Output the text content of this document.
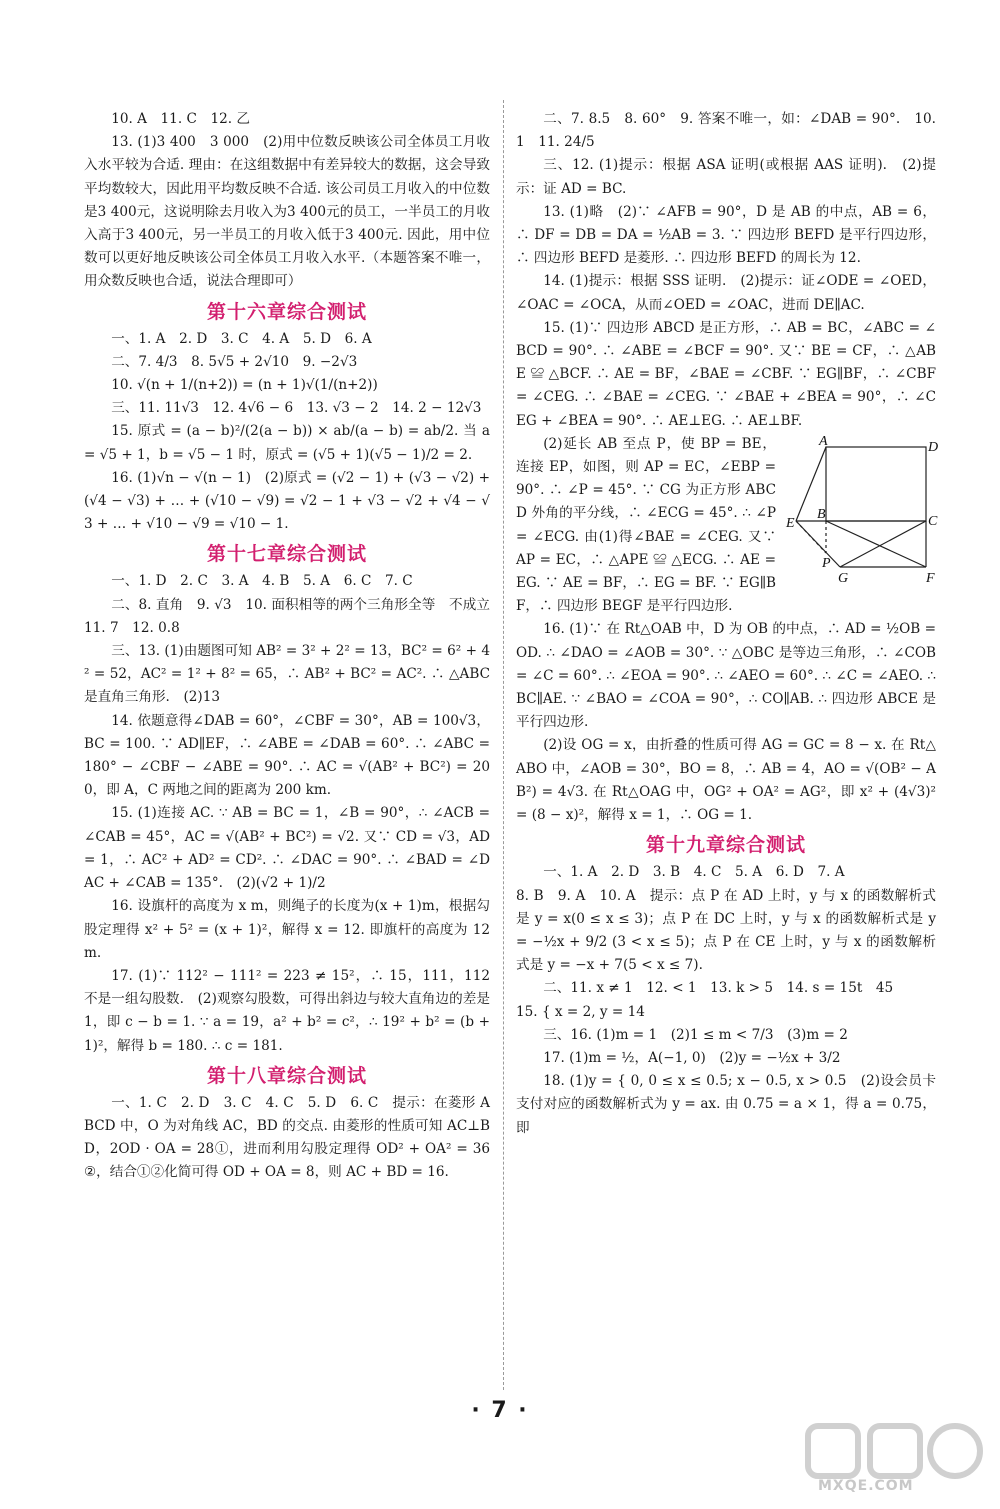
10. A　11. C　12. 乙

13. (1)3 400　3 000　(2)用中位数反映该公司全体员工月收入水平较为合适. 理由：在这组数据中有差异较大的数据，这会导致平均数较大，因此用平均数反映不合适. 该公司员工月收入的中位数是3 400元，这说明除去月收入为3 400元的员工，一半员工的月收入高于3 400元，另一半员工的月收入低于3 400元. 因此，用中位数可以更好地反映该公司全体员工月收入水平.（本题答案不唯一，用众数反映也合适，说法合理即可）

第十六章综合测试

一、1. A　2. D　3. C　4. A　5. D　6. A

二、7. 4/3　8. 5√5 + 2√10　9. −2√3

10. √(n + 1/(n+2)) = (n + 1)√(1/(n+2))

三、11. 11√3　12. 4√6 − 6　13. √3 − 2　14. 2 − 12√3

15. 原式 = (a − b)²/(2(a − b)) × ab/(a − b) = ab/2. 当 a = √5 + 1，b = √5 − 1 时，原式 = (√5 + 1)(√5 − 1)/2 = 2.

16. (1)√n − √(n − 1)　(2)原式 = (√2 − 1) + (√3 − √2) + (√4 − √3) + … + (√10 − √9) = √2 − 1 + √3 − √2 + √4 − √3 + … + √10 − √9 = √10 − 1.

第十七章综合测试

一、1. D　2. C　3. A　4. B　5. A　6. C　7. C

二、8. 直角　9. √3　10. 面积相等的两个三角形全等　不成立　11. 7　12. 0.8

三、13. (1)由题图可知 AB² = 3² + 2² = 13，BC² = 6² + 4² = 52，AC² = 1² + 8² = 65，∴ AB² + BC² = AC². ∴ △ABC 是直角三角形.　(2)13

14. 依题意得∠DAB = 60°，∠CBF = 30°，AB = 100√3，BC = 100. ∵ AD∥EF，∴ ∠ABE = ∠DAB = 60°. ∴ ∠ABC = 180° − ∠CBF − ∠ABE = 90°. ∴ AC = √(AB² + BC²) = 200，即 A，C 两地之间的距离为 200 km.

15. (1)连接 AC. ∵ AB = BC = 1，∠B = 90°，∴ ∠ACB = ∠CAB = 45°，AC = √(AB² + BC²) = √2. 又∵ CD = √3，AD = 1，∴ AC² + AD² = CD². ∴ ∠DAC = 90°. ∴ ∠BAD = ∠DAC + ∠CAB = 135°.　(2)(√2 + 1)/2

16. 设旗杆的高度为 x m，则绳子的长度为(x + 1)m，根据勾股定理得 x² + 5² = (x + 1)²，解得 x = 12. 即旗杆的高度为 12 m.

17. (1)∵ 112² − 111² = 223 ≠ 15²，∴ 15，111，112 不是一组勾股数.　(2)观察勾股数，可得出斜边与较大直角边的差是 1，即 c − b = 1. ∵ a = 19，a² + b² = c²，∴ 19² + b² = (b + 1)²，解得 b = 180. ∴ c = 181.

第十八章综合测试

一、1. C　2. D　3. C　4. C　5. D　6. C　提示：在菱形 ABCD 中，O 为对角线 AC，BD 的交点. 由菱形的性质可知 AC⊥BD，2OD · OA = 28①，进而利用勾股定理得 OD² + OA² = 36②，结合①②化简可得 OD + OA = 8，则 AC + BD = 16.

二、7. 8.5　8. 60°　9. 答案不唯一，如：∠DAB = 90°.　10. 1　11. 24/5

三、12. (1)提示：根据 ASA 证明(或根据 AAS 证明).　(2)提示：证 AD = BC.

13. (1)略　(2)∵ ∠AFB = 90°，D 是 AB 的中点，AB = 6，∴ DF = DB = DA = ½AB = 3. ∵ 四边形 BEFD 是平行四边形，∴ 四边形 BEFD 是菱形. ∴ 四边形 BEFD 的周长为 12.

14. (1)提示：根据 SSS 证明.　(2)提示：证∠ODE = ∠OED，∠OAC = ∠OCA，从而∠OED = ∠OAC，进而 DE∥AC.

15. (1)∵ 四边形 ABCD 是正方形，∴ AB = BC，∠ABC = ∠BCD = 90°. ∴ ∠ABE = ∠BCF = 90°. 又∵ BE = CF，∴ △ABE ≌ △BCF. ∴ AE = BF，∠BAE = ∠CBF. ∵ EG∥BF，∴ ∠CBF = ∠CEG. ∴ ∠BAE = ∠CEG. ∵ ∠BAE + ∠BEA = 90°，∴ ∠CEG + ∠BEA = 90°. ∴ AE⊥EG. ∴ AE⊥BF.

A	D
E
B	C
P
G	F

(2)延长 AB 至点 P，使 BP = BE，连接 EP，如图，则 AP = EC，∠EBP = 90°. ∴ ∠P = 45°. ∵ CG 为正方形 ABCD 外角的平分线，∴ ∠ECG = 45°. ∴ ∠P = ∠ECG. 由(1)得∠BAE = ∠CEG. 又∵ AP = EC，∴ △APE ≌ △ECG. ∴ AE = EG. ∵ AE = BF，∴ EG = BF. ∵ EG∥BF，∴ 四边形 BEGF 是平行四边形.

16. (1)∵ 在 Rt△OAB 中，D 为 OB 的中点，∴ AD = ½OB = OD. ∴ ∠DAO = ∠AOB = 30°. ∵ △OBC 是等边三角形，∴ ∠COB = ∠C = 60°. ∴ ∠EOA = 90°. ∴ ∠AEO = 60°. ∴ ∠C = ∠AEO. ∴ BC∥AE. ∵ ∠BAO = ∠COA = 90°，∴ CO∥AB. ∴ 四边形 ABCE 是平行四边形.

(2)设 OG = x，由折叠的性质可得 AG = GC = 8 − x. 在 Rt△ABO 中，∠AOB = 30°，BO = 8，∴ AB = 4，AO = √(OB² − AB²) = 4√3. 在 Rt△OAG 中，OG² + OA² = AG²，即 x² + (4√3)² = (8 − x)²，解得 x = 1，∴ OG = 1.

第十九章综合测试

一、1. A　2. D　3. B　4. C　5. A　6. D　7. A

8. B　9. A　10. A　提示：点 P 在 AD 上时，y 与 x 的函数解析式是 y = x(0 ≤ x ≤ 3)；点 P 在 DC 上时，y 与 x 的函数解析式是 y = −½x + 9/2 (3 < x ≤ 5)；点 P 在 CE 上时，y 与 x 的函数解析式是 y = −x + 7(5 < x ≤ 7).

二、11. x ≠ 1　12. < 1　13. k > 5　14. s = 15t　45

15. { x = 2, y = 14

三、16. (1)m = 1　(2)1 ≤ m < 7/3　(3)m = 2

17. (1)m = ½，A(−1, 0)　(2)y = −½x + 3/2

18. (1)y = { 0, 0 ≤ x ≤ 0.5; x − 0.5, x > 0.5　(2)设会员卡支付对应的函数解析式为 y = ax. 由 0.75 = a × 1，得 a = 0.75，即

· 7 ·
MXQE.COM
